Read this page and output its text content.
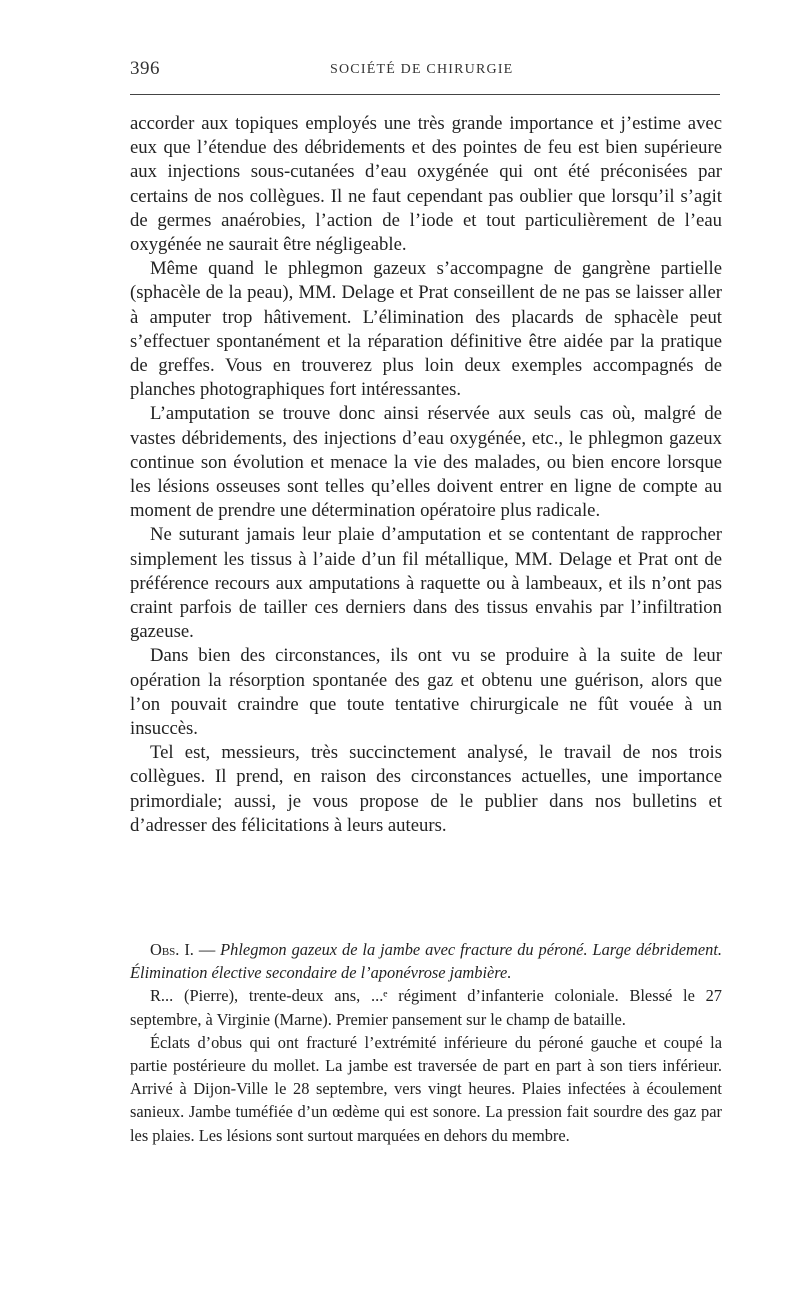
396	SOCIÉTÉ DE CHIRURGIE

accorder aux topiques employés une très grande importance et j’estime avec eux que l’étendue des débridements et des pointes de feu est bien supérieure aux injections sous-cutanées d’eau oxygénée qui ont été préconisées par certains de nos collègues. Il ne faut cependant pas oublier que lorsqu’il s’agit de germes anaérobies, l’action de l’iode et tout particulièrement de l’eau oxygénée ne saurait être négligeable.

Même quand le phlegmon gazeux s’accompagne de gangrène partielle (sphacèle de la peau), MM. Delage et Prat conseillent de ne pas se laisser aller à amputer trop hâtivement. L’élimination des placards de sphacèle peut s’effectuer spontanément et la réparation définitive être aidée par la pratique de greffes. Vous en trouverez plus loin deux exemples accompagnés de planches photographiques fort intéressantes.

L’amputation se trouve donc ainsi réservée aux seuls cas où, malgré de vastes débridements, des injections d’eau oxygénée, etc., le phlegmon gazeux continue son évolution et menace la vie des malades, ou bien encore lorsque les lésions osseuses sont telles qu’elles doivent entrer en ligne de compte au moment de prendre une détermination opératoire plus radicale.

Ne suturant jamais leur plaie d’amputation et se contentant de rapprocher simplement les tissus à l’aide d’un fil métallique, MM. Delage et Prat ont de préférence recours aux amputations à raquette ou à lambeaux, et ils n’ont pas craint parfois de tailler ces derniers dans des tissus envahis par l’infiltration gazeuse.

Dans bien des circonstances, ils ont vu se produire à la suite de leur opération la résorption spontanée des gaz et obtenu une guérison, alors que l’on pouvait craindre que toute tentative chirurgicale ne fût vouée à un insuccès.

Tel est, messieurs, très succinctement analysé, le travail de nos trois collègues. Il prend, en raison des circonstances actuelles, une importance primordiale; aussi, je vous propose de le publier dans nos bulletins et d’adresser des félicitations à leurs auteurs.

Obs. I. — Phlegmon gazeux de la jambe avec fracture du péroné. Large débridement. Élimination élective secondaire de l’aponévrose jambière.

R... (Pierre), trente-deux ans, ...ᵉ régiment d’infanterie coloniale. Blessé le 27 septembre, à Virginie (Marne). Premier pansement sur le champ de bataille.

Éclats d’obus qui ont fracturé l’extrémité inférieure du péroné gauche et coupé la partie postérieure du mollet. La jambe est traversée de part en part à son tiers inférieur. Arrivé à Dijon-Ville le 28 septembre, vers vingt heures. Plaies infectées à écoulement sanieux. Jambe tuméfiée d’un œdème qui est sonore. La pression fait sourdre des gaz par les plaies. Les lésions sont surtout marquées en dehors du membre.
